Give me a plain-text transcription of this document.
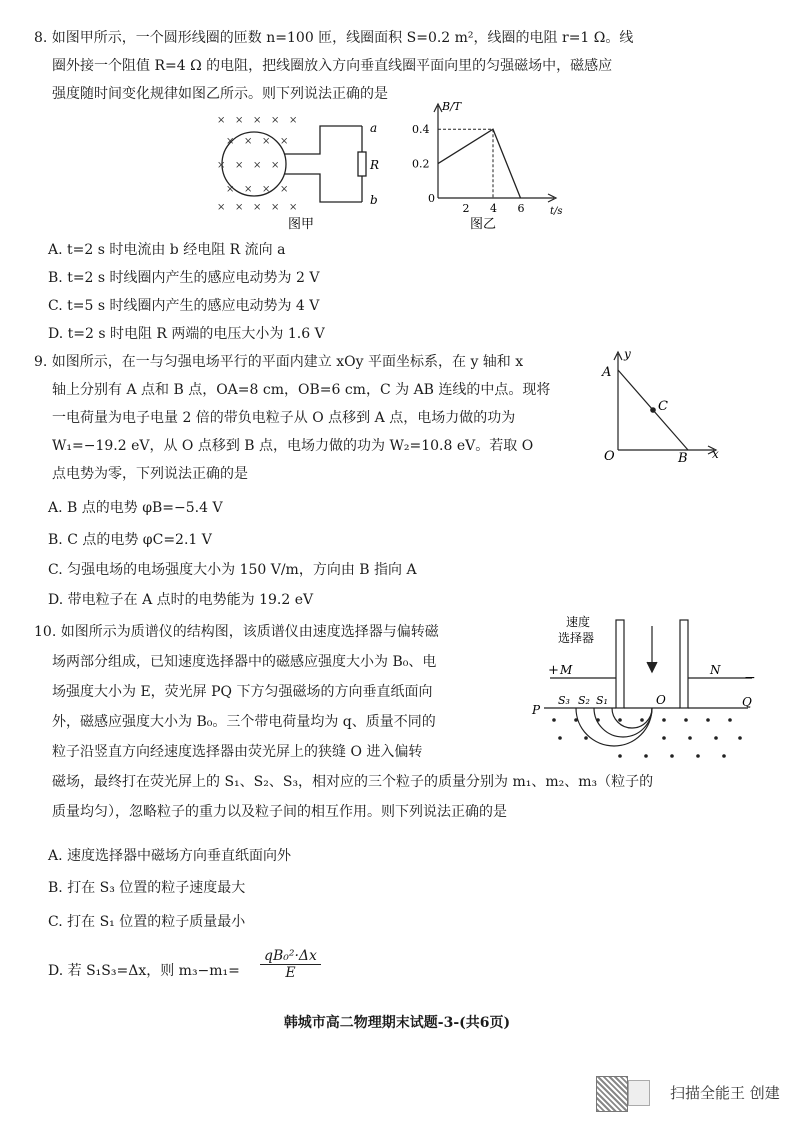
8. 如图甲所示，一个圆形线圈的匝数 n=100 匝，线圈面积 S=0.2 m²，线圈的电阻 r=1 Ω。线
圈外接一个阻值 R=4 Ω 的电阻，把线圈放入方向垂直线圈平面向里的匀强磁场中，磁感应
强度随时间变化规律如图乙所示。则下列说法正确的是
× × × × ×
× × × ×
× × × ×
× × × ×
× × × × ×
a
R
b
图甲
B/T
t/s
0
2 4 6
0.2
0.4
图乙
A. t=2 s 时电流由 b 经电阻 R 流向 a
B. t=2 s 时线圈内产生的感应电动势为 2 V
C. t=5 s 时线圈内产生的感应电动势为 4 V
D. t=2 s 时电阻 R 两端的电压大小为 1.6 V
9. 如图所示，在一与匀强电场平行的平面内建立 xOy 平面坐标系，在 y 轴和 x
轴上分别有 A 点和 B 点，OA=8 cm，OB=6 cm，C 为 AB 连线的中点。现将
一电荷量为电子电量 2 倍的带负电粒子从 O 点移到 A 点，电场力做的功为
W₁=−19.2 eV，从 O 点移到 B 点，电场力做的功为 W₂=10.8 eV。若取 O
点电势为零，下列说法正确的是
y
x
A
C
B
O
A. B 点的电势 φB=−5.4 V
B. C 点的电势 φC=2.1 V
C. 匀强电场的电场强度大小为 150 V/m，方向由 B 指向 A
D. 带电粒子在 A 点时的电势能为 19.2 eV
10. 如图所示为质谱仪的结构图，该质谱仪由速度选择器与偏转磁
场两部分组成，已知速度选择器中的磁感应强度大小为 B₀、电
场强度大小为 E，荧光屏 PQ 下方匀强磁场的方向垂直纸面向
外，磁感应强度大小为 B₀。三个带电荷量均为 q、质量不同的
粒子沿竖直方向经速度选择器由荧光屏上的狭缝 O 进入偏转
磁场，最终打在荧光屏上的 S₁、S₂、S₃，相对应的三个粒子的质量分别为 m₁、m₂、m₃（粒子的
质量均匀），忽略粒子的重力以及粒子间的相互作用。则下列说法正确的是
速度
选择器
+ M	N −
P
Q
O
S₃ S₂ S₁
A. 速度选择器中磁场方向垂直纸面向外
B. 打在 S₃ 位置的粒子速度最大
C. 打在 S₁ 位置的粒子质量最小
D. 若 S₁S₃=Δx，则 $m_3-m_1= \frac{\text{qB₀²·Δx}}{E}$
韩城市高二物理期末试题-3-(共6页)
扫描全能王 创建
